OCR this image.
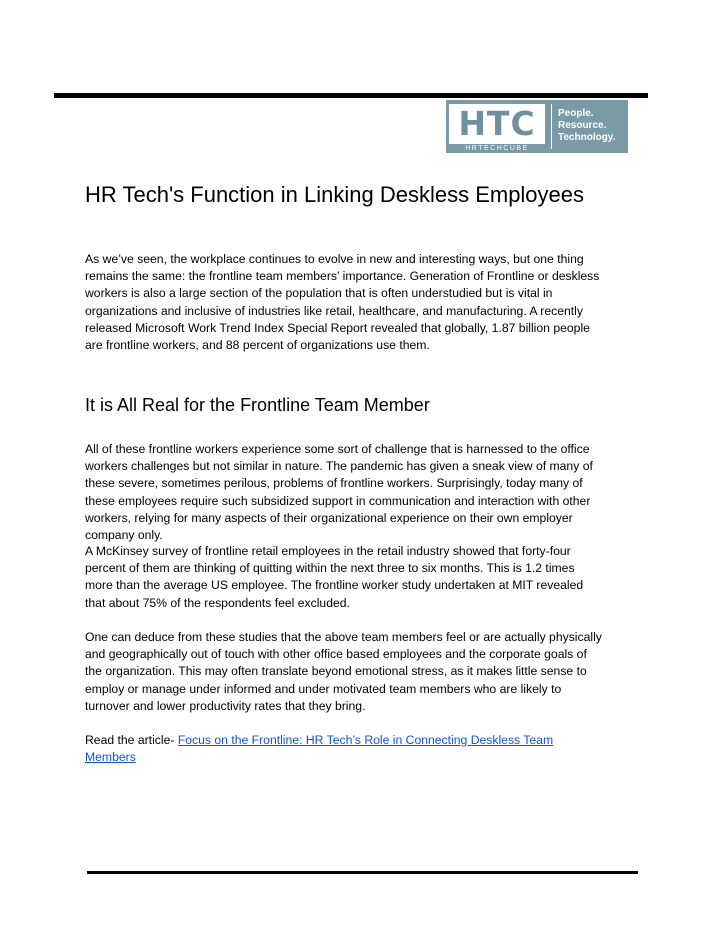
HTC
HRTECHCUBE
People.
Resource.
Technology.
HR Tech's Function in Linking Deskless Employees

As we’ve seen, the workplace continues to evolve in new and interesting ways, but one thing
remains the same: the frontline team members’ importance. Generation of Frontline or deskless
workers is also a large section of the population that is often understudied but is vital in
organizations and inclusive of industries like retail, healthcare, and manufacturing. A recently
released Microsoft Work Trend Index Special Report revealed that globally, 1.87 billion people
are frontline workers, and 88 percent of organizations use them.

It is All Real for the Frontline Team Member

All of these frontline workers experience some sort of challenge that is harnessed to the office
workers challenges but not similar in nature. The pandemic has given a sneak view of many of
these severe, sometimes perilous, problems of frontline workers. Surprisingly, today many of
these employees require such subsidized support in communication and interaction with other
workers, relying for many aspects of their organizational experience on their own employer
company only.

A McKinsey survey of frontline retail employees in the retail industry showed that forty-four
percent of them are thinking of quitting within the next three to six months. This is 1.2 times
more than the average US employee. The frontline worker study undertaken at MIT revealed
that about 75% of the respondents feel excluded.

One can deduce from these studies that the above team members feel or are actually physically
and geographically out of touch with other office based employees and the corporate goals of
the organization. This may often translate beyond emotional stress, as it makes little sense to
employ or manage under informed and under motivated team members who are likely to
turnover and lower productivity rates that they bring.

Read the article- Focus on the Frontline: HR Tech’s Role in Connecting Deskless Team
Members
